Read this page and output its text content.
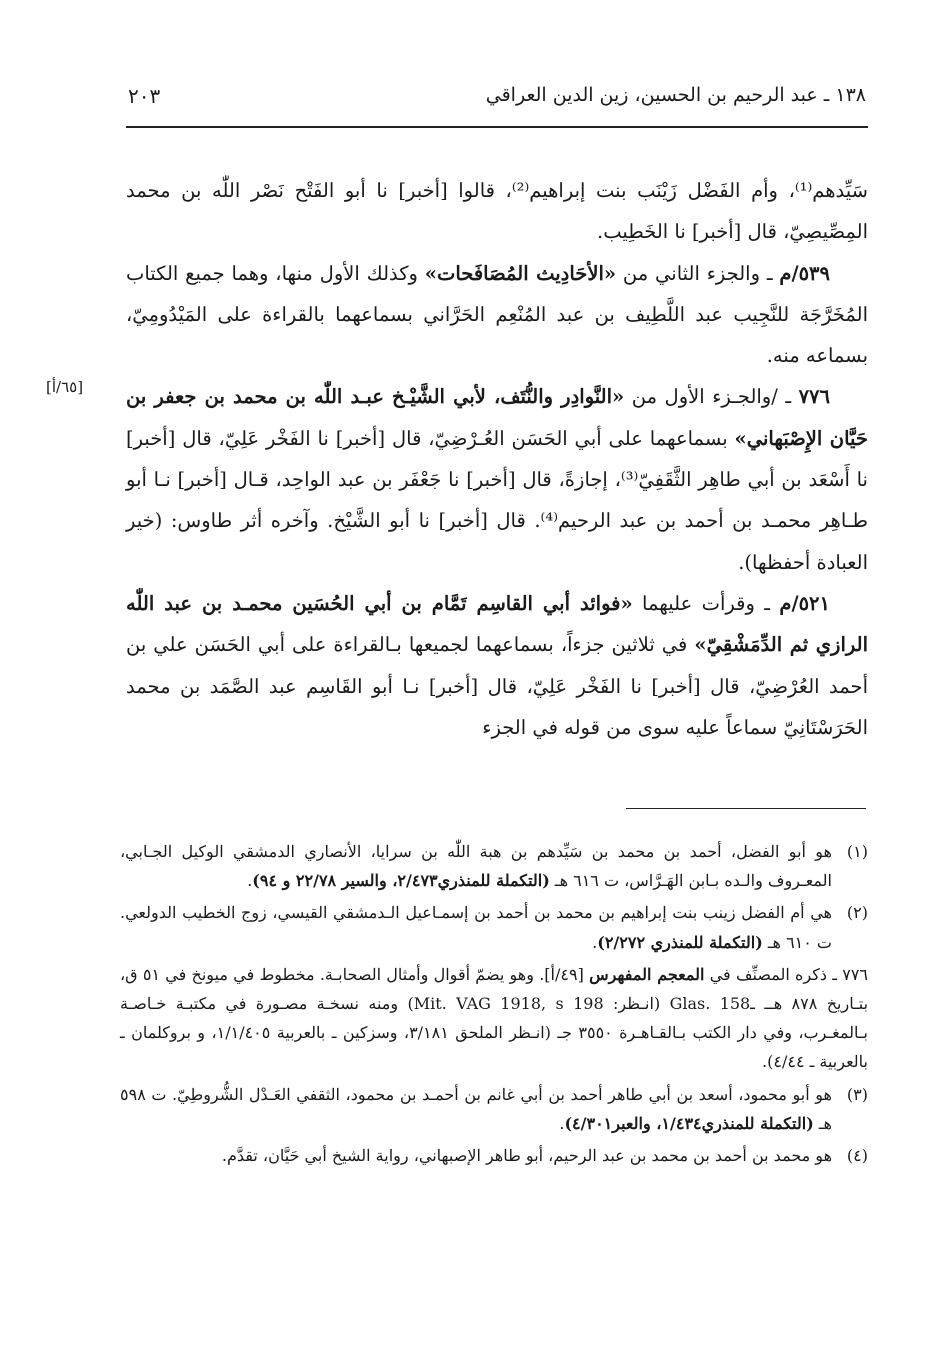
١٣٨ ـ عبد الرحيم بن الحسين، زين الدين العراقي
٢٠٣
[٦٥/أ]

سَيِّدهم⁽¹⁾، وأم الفَضْل زَيْنَب بنت إبراهيم⁽²⁾، قالوا [أخبر] نا أبو الفَتْح نَصْر اللّٰه بن محمد المِصِّيصِيّ، قال [أخبر] نا الخَطِيب.

٥٣٩/م ـ والجزء الثاني من «الأحَادِيث المُصَافَحات» وكذلك الأول منها، وهما جميع الكتاب المُخَرَّجَة للنَّجِيب عبد اللَّطِيف بن عبد المُنْعِم الحَرَّاني بسماعهما بالقراءة على المَيْدُومِيّ، بسماعه منه.

٧٧٦ ـ /والجـزء الأول من «النَّوادِر والنُّتَف، لأبي الشَّيْـخ عبـد اللّٰه بن محمد بن جعفر بن حَيَّان الإِصْبَهاني» بسماعهما على أبي الحَسَن العُـرْضِيّ، قال [أخبر] نا الفَخْر عَلِيّ، قال [أخبر] نا أَسْعَد بن أبي طاهِر الثَّقَفِيّ⁽³⁾، إجازةً، قال [أخبر] نا جَعْفَر بن عبد الواحِد، قـال [أخبر] نـا أبو طـاهِر محمـد بن أحمد بن عبد الرحيم⁽⁴⁾. قال [أخبر] نا أبو الشَّيْخ. وآخره أثر طاوس: (خير العبادة أحفظها).

٥٢١/م ـ وقرأت عليهما «فوائد أبي القاسِم تَمَّام بن أبي الحُسَين محمـد بن عبد اللّٰه الرازي ثم الدِّمَشْقِيّ» في ثلاثين جزءاً، بسماعهما لجميعها بـالقراءة على أبي الحَسَن علي بن أحمد العُرْضِيّ، قال [أخبر] نا الفَخْر عَلِيّ، قال [أخبر] نـا أبو القَاسِم عبد الصَّمَد بن محمد الحَرَسْتَانِيّ سماعاً عليه سوى من قوله في الجزء

(١)
هو أبو الفضل، أحمد بن محمد بن سَيِّدهم بن هبة اللّٰه بن سرايا، الأنصاري الدمشقي الوكيل الجـابي، المعـروف والـده بـابن الهَـرَّاس، ت ٦١٦ هـ (التكملة للمنذري٢/٤٧٣، والسير ٢٢/٧٨ و ٩٤).
(٢)
هي أم الفضل زينب بنت إبراهيم بن محمد بن أحمد بن إسمـاعيل الـدمشقي القيسي، زوج الخطيب الدولعي. ت ٦١٠ هـ (التكملة للمنذري ٢/٢٧٢).
٧٧٦ ـ ذكره المصنِّف في المعجم المفهرس [٤٩/أ]. وهو يضمّ أقوال وأمثال الصحابـة. مخطوط في ميونخ في ٥١ ق، بتـاريخ ٨٧٨ هــ ـGlas. 158 (انـظر: Mit. VAG 1918, s 198) ومنه نسخـة مصـورة في مكتبـة خـاصـة بـالمغـرب، وفي دار الكتب بـالقـاهـرة ٣٥٥٠ جـ (انـظر الملحق ٣/١٨١، وسزكين ـ بالعربية ١/١/٤٠٥، و بروكلمان ـ بالعربية ـ ٤/٤٤).
(٣)
هو أبو محمود، أسعد بن أبي طاهر أحمد بن أبي غانم بن أحمـد بن محمود، الثقفي العَـدْل الشُّروطِيّ. ت ٥٩٨ هـ (التكملة للمنذري١/٤٣٤، والعبر٤/٣٠١).
(٤)
هو محمد بن أحمد بن محمد بن عبد الرحيم، أبو طاهر الإصبهاني، رواية الشيخ أبي حَيَّان، تقدَّم.
